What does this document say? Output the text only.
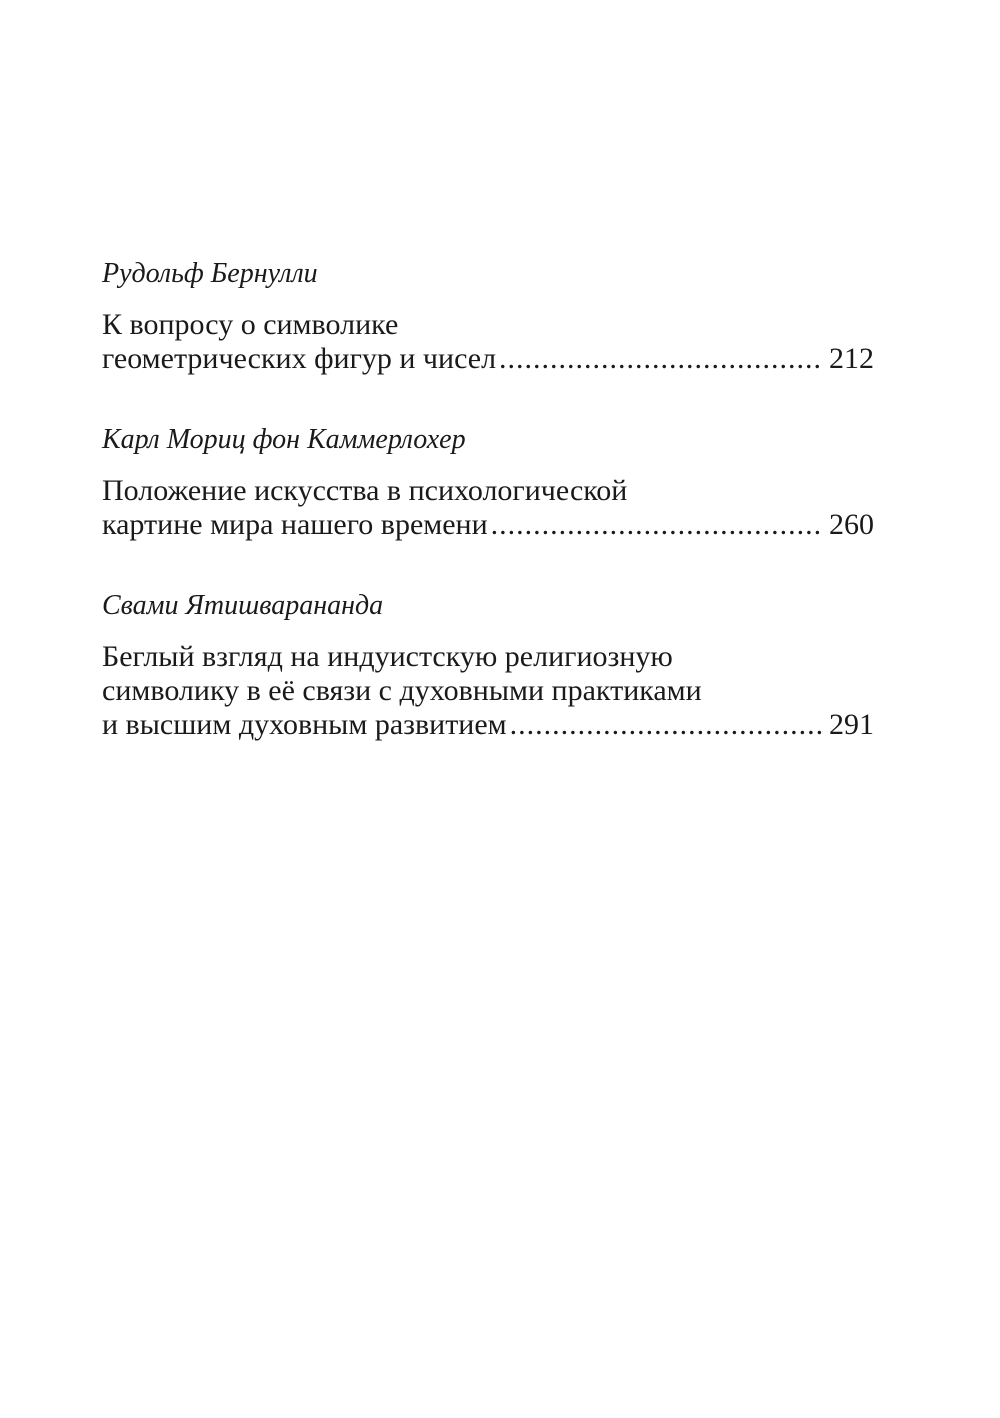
Рудольф Бернулли
К вопросу о символике
геометрических фигур и чисел .....	212
Карл Мориц фон Каммерлохер
Положение искусства в психологической
картине мира нашего времени .....	260
Свами Ятишварананда
Беглый взгляд на индуистскую религиозную
символику в её связи с духовными практиками
и высшим духовным развитием .....	291
